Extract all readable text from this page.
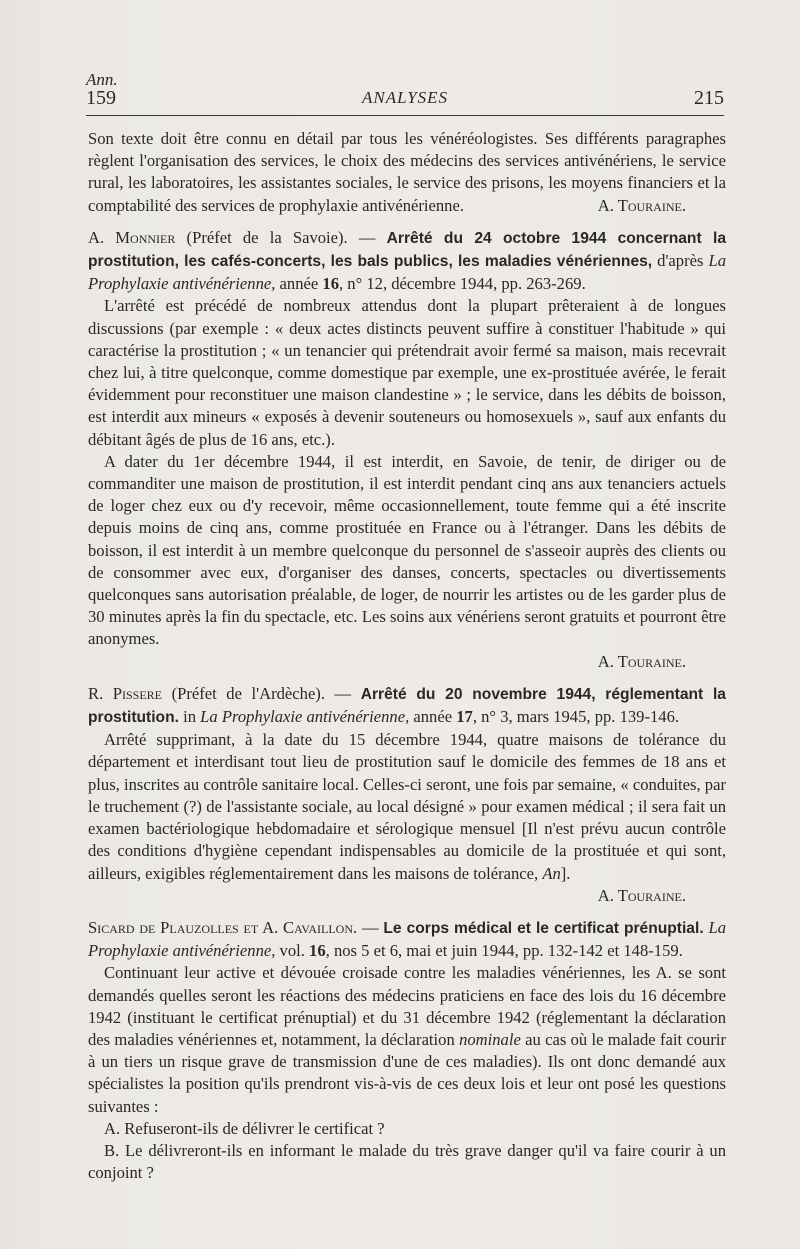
Ann.
159	ANALYSES	215

Son texte doit être connu en détail par tous les vénéréologistes. Ses différents paragraphes règlent l'organisation des services, le choix des médecins des services antivénériens, le service rural, les laboratoires, les assistantes sociales, le service des prisons, les moyens financiers et la comptabilité des services de prophylaxie antivénérienne.	A. Touraine.

A. Monnier (Préfet de la Savoie). — Arrêté du 24 octobre 1944 concernant la prostitution, les cafés-concerts, les bals publics, les maladies vénériennes, d'après La Prophylaxie antivénérienne, année 16, n° 12, décembre 1944, pp. 263-269.

L'arrêté est précédé de nombreux attendus dont la plupart prêteraient à de longues discussions (par exemple : « deux actes distincts peuvent suffire à constituer l'habitude » qui caractérise la prostitution ; « un tenancier qui prétendrait avoir fermé sa maison, mais recevrait chez lui, à titre quelconque, comme domestique par exemple, une ex-prostituée avérée, le ferait évidemment pour reconstituer une maison clandestine » ; le service, dans les débits de boisson, est interdit aux mineurs « exposés à devenir souteneurs ou homosexuels », sauf aux enfants du débitant âgés de plus de 16 ans, etc.).

A dater du 1er décembre 1944, il est interdit, en Savoie, de tenir, de diriger ou de commanditer une maison de prostitution, il est interdit pendant cinq ans aux tenanciers actuels de loger chez eux ou d'y recevoir, même occasionnellement, toute femme qui a été inscrite depuis moins de cinq ans, comme prostituée en France ou à l'étranger. Dans les débits de boisson, il est interdit à un membre quelconque du personnel de s'asseoir auprès des clients ou de consommer avec eux, d'organiser des danses, concerts, spectacles ou divertissements quelconques sans autorisation préalable, de loger, de nourrir les artistes ou de les garder plus de 30 minutes après la fin du spectacle, etc. Les soins aux vénériens seront gratuits et pourront être anonymes.

A. Touraine.

R. Pissere (Préfet de l'Ardèche). — Arrêté du 20 novembre 1944, réglementant la prostitution. in La Prophylaxie antivénérienne, année 17, n° 3, mars 1945, pp. 139-146.

Arrêté supprimant, à la date du 15 décembre 1944, quatre maisons de tolérance du département et interdisant tout lieu de prostitution sauf le domicile des femmes de 18 ans et plus, inscrites au contrôle sanitaire local. Celles-ci seront, une fois par semaine, « conduites, par le truchement (?) de l'assistante sociale, au local désigné » pour examen médical ; il sera fait un examen bactériologique hebdomadaire et sérologique mensuel [Il n'est prévu aucun contrôle des conditions d'hygiène cependant indispensables au domicile de la prostituée et qui sont, ailleurs, exigibles réglementairement dans les maisons de tolérance, An].

A. Touraine.

Sicard de Plauzolles et A. Cavaillon. — Le corps médical et le certificat prénuptial. La Prophylaxie antivénérienne, vol. 16, nos 5 et 6, mai et juin 1944, pp. 132-142 et 148-159.

Continuant leur active et dévouée croisade contre les maladies vénériennes, les A. se sont demandés quelles seront les réactions des médecins praticiens en face des lois du 16 décembre 1942 (instituant le certificat prénuptial) et du 31 décembre 1942 (réglementant la déclaration des maladies vénériennes et, notamment, la déclaration nominale au cas où le malade fait courir à un tiers un risque grave de transmission d'une de ces maladies). Ils ont donc demandé aux spécialistes la position qu'ils prendront vis-à-vis de ces deux lois et leur ont posé les questions suivantes :

A. Refuseront-ils de délivrer le certificat ?

B. Le délivreront-ils en informant le malade du très grave danger qu'il va faire courir à un conjoint ?
